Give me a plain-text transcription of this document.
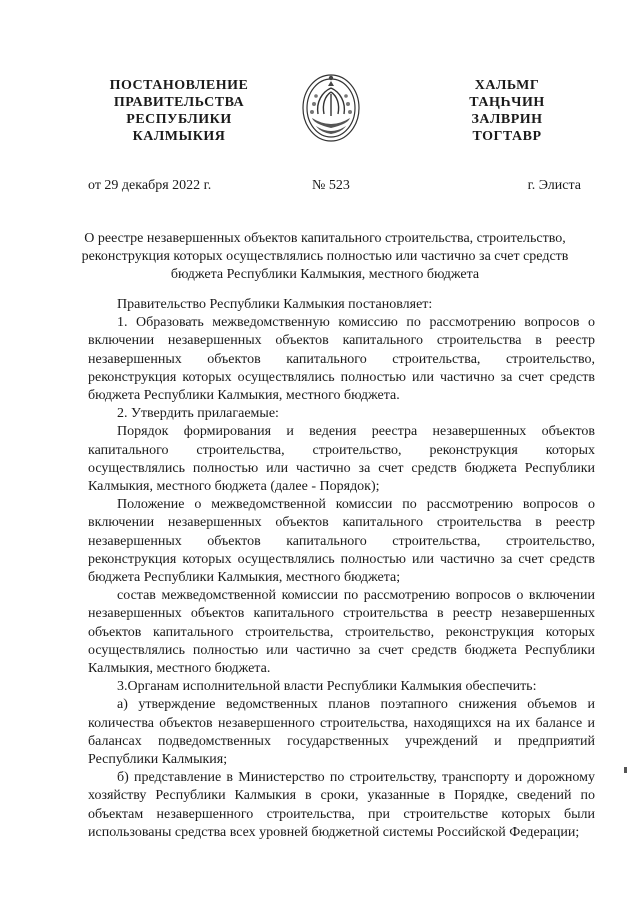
ПОСТАНОВЛЕНИЕ
ПРАВИТЕЛЬСТВА
РЕСПУБЛИКИ
КАЛМЫКИЯ
ХАЛЬМГ
ТАҢҺЧИН
ЗАЛВРИН
ТОГТАВР
от 29 декабря 2022 г.	№ 523	г. Элиста
О реестре незавершенных объектов капитального строительства, строительство, реконструкция которых осуществлялись полностью или частично за счет средств бюджета Республики Калмыкия, местного бюджета

Правительство Республики Калмыкия постановляет:

1. Образовать межведомственную комиссию по рассмотрению вопросов о включении незавершенных объектов капитального строительства в реестр незавершенных объектов капитального строительства, строительство, реконструкция которых осуществлялись полностью или частично за счет средств бюджета Республики Калмыкия, местного бюджета.

2. Утвердить прилагаемые:

Порядок формирования и ведения реестра незавершенных объектов капитального строительства, строительство, реконструкция которых осуществлялись полностью или частично за счет средств бюджета Республики Калмыкия, местного бюджета (далее - Порядок);

Положение о межведомственной комиссии по рассмотрению вопросов о включении незавершенных объектов капитального строительства в реестр незавершенных объектов капитального строительства, строительство, реконструкция которых осуществлялись полностью или частично за счет средств бюджета Республики Калмыкия, местного бюджета;

состав межведомственной комиссии по рассмотрению вопросов о включении незавершенных объектов капитального строительства в реестр незавершенных объектов капитального строительства, строительство, реконструкция которых осуществлялись полностью или частично за счет средств бюджета Республики Калмыкия, местного бюджета.

3.Органам исполнительной власти Республики Калмыкия обеспечить:

а) утверждение ведомственных планов поэтапного снижения объемов и количества объектов незавершенного строительства, находящихся на их балансе и балансах подведомственных государственных учреждений и предприятий Республики Калмыкия;

б) представление в Министерство по строительству, транспорту и дорожному хозяйству Республики Калмыкия в сроки, указанные в Порядке, сведений по объектам незавершенного строительства, при строительстве которых были использованы средства всех уровней бюджетной системы Российской Федерации;
